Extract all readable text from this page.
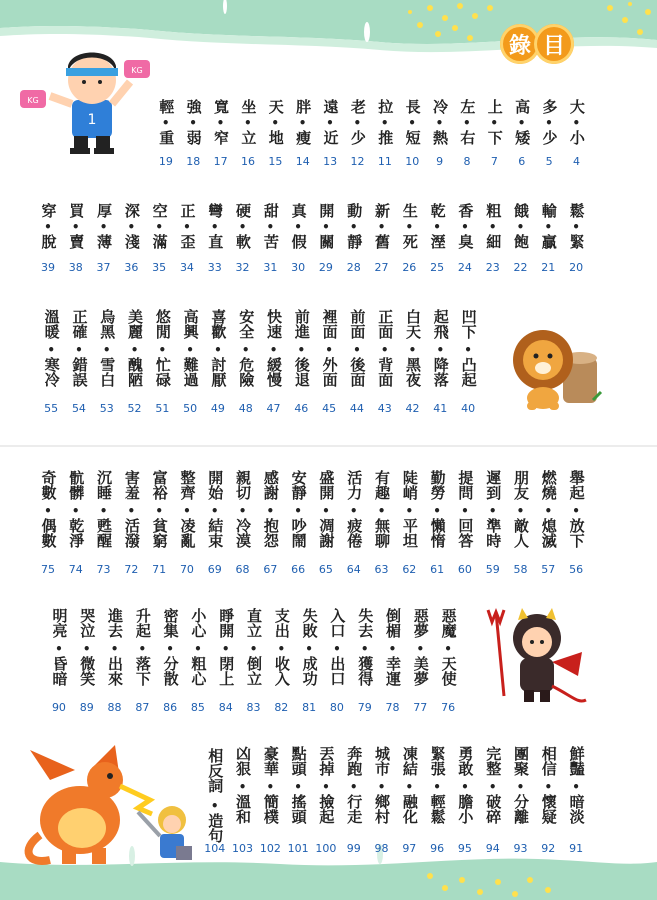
錄 目
1
KG
KG
大
•
小
4
多
•
少
5
高
•
矮
6
上
•
下
7
左
•
右
8
冷
•
熱
9
長
•
短
10
拉
•
推
11
老
•
少
12
遠
•
近
13
胖
•
瘦
14
天
•
地
15
坐
•
立
16
寬
•
窄
17
強
•
弱
18
輕
•
重
19
鬆
•
緊
20
輸
•
贏
21
餓
•
飽
22
粗
•
細
23
香
•
臭
24
乾
•
溼
25
生
•
死
26
新
•
舊
27
動
•
靜
28
開
•
關
29
真
•
假
30
甜
•
苦
31
硬
•
軟
32
彎
•
直
33
正
•
歪
34
空
•
滿
35
深
•
淺
36
厚
•
薄
37
買
•
賣
38
穿
•
脫
39
凹下
•
凸起
40
起飛
•
降落
41
白天
•
黑夜
42
正面
•
背面
43
前面
•
後面
44
裡面
•
外面
45
前進
•
後退
46
快速
•
緩慢
47
安全
•
危險
48
喜歡
•
討厭
49
高興
•
難過
50
悠閒
•
忙碌
51
美麗
•
醜陋
52
烏黑
•
雪白
53
正確
•
錯誤
54
溫暖
•
寒冷
55
舉起
•
放下
56
燃燒
•
熄滅
57
朋友
•
敵人
58
遲到
•
準時
59
提問
•
回答
60
勤勞
•
懶惰
61
陡峭
•
平坦
62
有趣
•
無聊
63
活力
•
疲倦
64
盛開
•
凋謝
65
安靜
•
吵鬧
66
感謝
•
抱怨
67
親切
•
冷漠
68
開始
•
結束
69
整齊
•
凌亂
70
富裕
•
貧窮
71
害羞
•
活潑
72
沉睡
•
甦醒
73
骯髒
•
乾淨
74
奇數
•
偶數
75
惡魔
•
天使
76
惡夢
•
美夢
77
倒楣
•
幸運
78
失去
•
獲得
79
入口
•
出口
80
失敗
•
成功
81
支出
•
收入
82
直立
•
倒立
83
睜開
•
閉上
84
小心
•
粗心
85
密集
•
分散
86
升起
•
落下
87
進去
•
出來
88
哭泣
•
微笑
89
明亮
•
昏暗
90
鮮豔
•
暗淡
91
相信
•
懷疑
92
團聚
•
分離
93
完整
•
破碎
94
勇敢
•
膽小
95
緊張
•
輕鬆
96
凍結
•
融化
97
城市
•
鄉村
98
奔跑
•
行走
99
丟掉
•
撿起
100
點頭
•
搖頭
101
豪華
•
簡樸
102
凶狠
•
溫和
103
相反詞
•
造句
104
